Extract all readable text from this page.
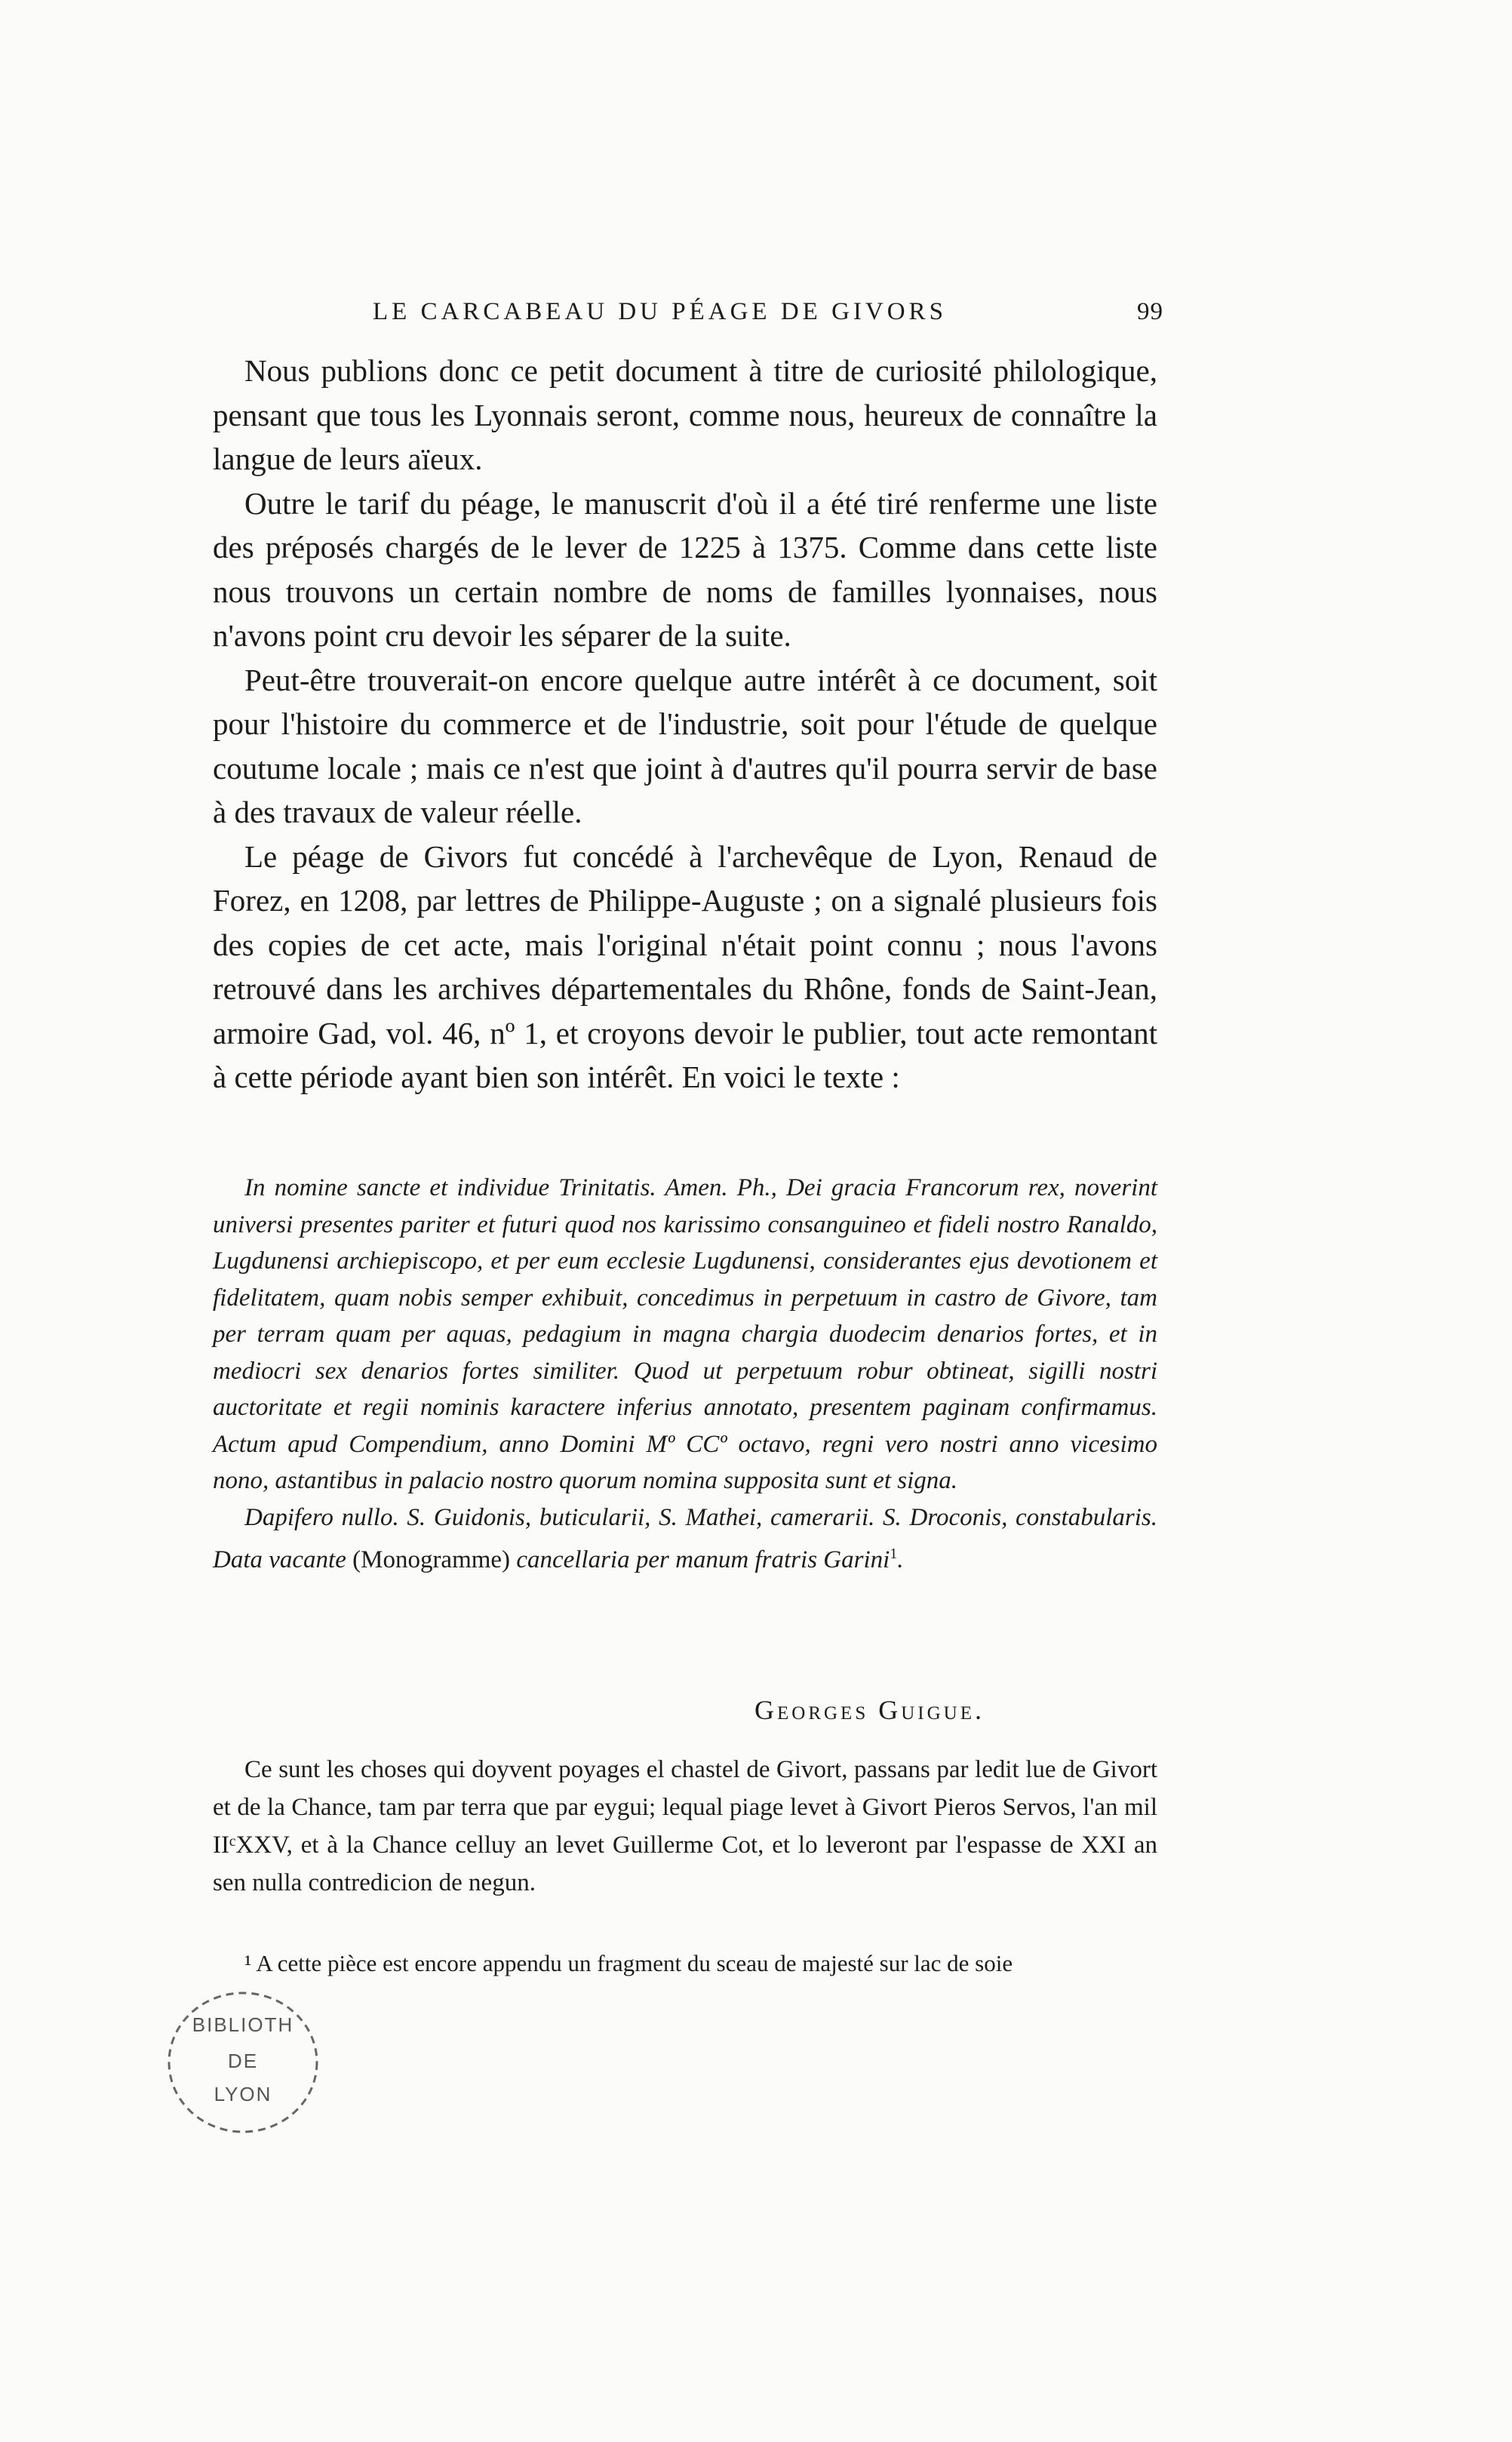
LE CARCABEAU DU PÉAGE DE GIVORS	99

Nous publions donc ce petit document à titre de curiosité philologique, pensant que tous les Lyonnais seront, comme nous, heureux de connaître la langue de leurs aïeux.

Outre le tarif du péage, le manuscrit d'où il a été tiré renferme une liste des préposés chargés de le lever de 1225 à 1375. Comme dans cette liste nous trouvons un certain nombre de noms de familles lyonnaises, nous n'avons point cru devoir les séparer de la suite.

Peut-être trouverait-on encore quelque autre intérêt à ce document, soit pour l'histoire du commerce et de l'industrie, soit pour l'étude de quelque coutume locale ; mais ce n'est que joint à d'autres qu'il pourra servir de base à des travaux de valeur réelle.

Le péage de Givors fut concédé à l'archevêque de Lyon, Renaud de Forez, en 1208, par lettres de Philippe-Auguste ; on a signalé plusieurs fois des copies de cet acte, mais l'original n'était point connu ; nous l'avons retrouvé dans les archives départementales du Rhône, fonds de Saint-Jean, armoire Gad, vol. 46, nº 1, et croyons devoir le publier, tout acte remontant à cette période ayant bien son intérêt. En voici le texte :

In nomine sancte et individue Trinitatis. Amen. Ph., Dei gracia Francorum rex, noverint universi presentes pariter et futuri quod nos karissimo consanguineo et fideli nostro Ranaldo, Lugdunensi archiepiscopo, et per eum ecclesie Lugdunensi, considerantes ejus devotionem et fidelitatem, quam nobis semper exhibuit, concedimus in perpetuum in castro de Givore, tam per terram quam per aquas, pedagium in magna chargia duodecim denarios fortes, et in mediocri sex denarios fortes similiter. Quod ut perpetuum robur obtineat, sigilli nostri auctoritate et regii nominis karactere inferius annotato, presentem paginam confirmamus. Actum apud Compendium, anno Domini Mº CCº octavo, regni vero nostri anno vicesimo nono, astantibus in palacio nostro quorum nomina supposita sunt et signa.

Dapifero nullo. S. Guidonis, buticularii, S. Mathei, camerarii. S. Droconis, constabularis. Data vacante (Monogramme) cancellaria per manum fratris Garini$^1$.

Georges Guigue.

Ce sunt les choses qui doyvent poyages el chastel de Givort, passans par ledit lue de Givort et de la Chance, tam par terra que par eygui; lequal piage levet à Givort Pieros Servos, l'an mil IIᶜXXV, et à la Chance celluy an levet Guillerme Cot, et lo leveront par l'espasse de XXI an sen nulla contredicion de negun.

¹ A cette pièce est encore appendu un fragment du sceau de majesté sur lac de soie

BIBLIOTH
DE
LYON
